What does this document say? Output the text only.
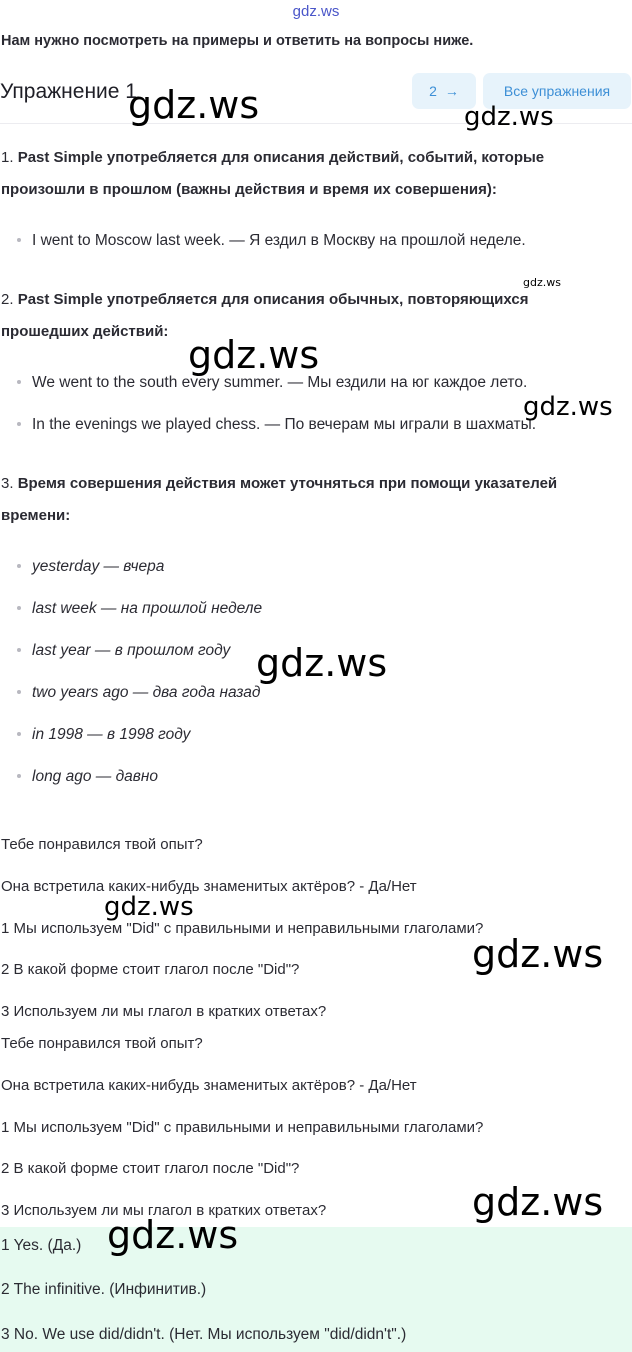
gdz.ws
Нам нужно посмотреть на примеры и ответить на вопросы ниже.
Упражнение 1	2 →	Все упражнения
1. Past Simple употребляется для описания действий, событий, которые
произошли в прошлом (важны действия и время их совершения):
I went to Moscow last week. — Я ездил в Москву на прошлой неделе.
2. Past Simple употребляется для описания обычных, повторяющихся
прошедших действий:
We went to the south every summer. — Мы ездили на юг каждое лето.
In the evenings we played chess. — По вечерам мы играли в шахматы.
3. Время совершения действия может уточняться при помощи указателей
времени:
yesterday — вчера
last week — на прошлой неделе
last year — в прошлом году
two years ago — два года назад
in 1998 — в 1998 году
long ago — давно
Тебе понравился твой опыт?
Она встретила каких-нибудь знаменитых актёров? - Да/Нет
1 Мы используем "Did" с правильными и неправильными глаголами?
2 В какой форме стоит глагол после "Did"?
3 Используем ли мы глагол в кратких ответах?
Тебе понравился твой опыт?
Она встретила каких-нибудь знаменитых актёров? - Да/Нет
1 Мы используем "Did" с правильными и неправильными глаголами?
2 В какой форме стоит глагол после "Did"?
3 Используем ли мы глагол в кратких ответах?
1 Yes. (Да.)
2 The infinitive. (Инфинитив.)
3 No. We use did/didn't. (Нет. Мы используем "did/didn't".)
gdz.ws	gdz.ws
gdz.ws
gdz.ws
gdz.ws
gdz.ws
gdz.ws
gdz.ws
gdz.ws
gdz.ws
